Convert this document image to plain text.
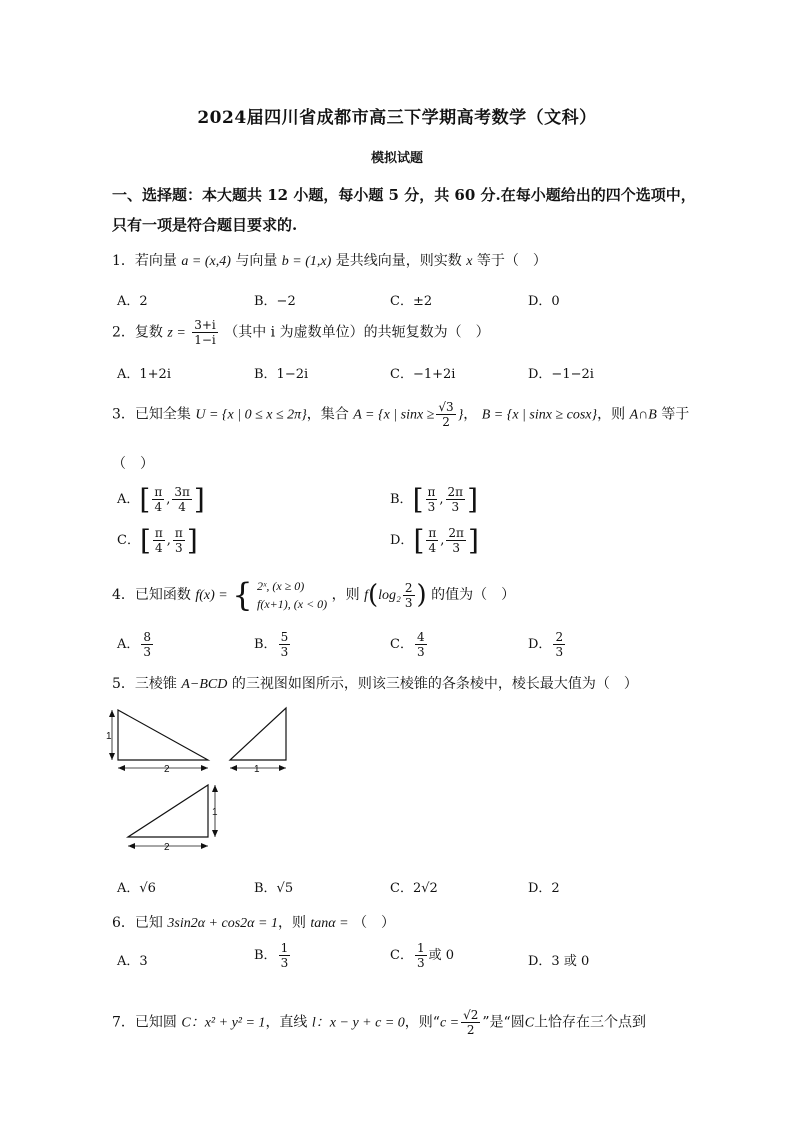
2024届四川省成都市高三下学期高考数学（文科）
模拟试题
一、选择题：本大题共 12 小题，每小题 5 分，共 60 分.在每小题给出的四个选项中，
只有一项是符合题目要求的.
1．若向量 a = (x,4) 与向量 b = (1,x) 是共线向量，则实数 x 等于（　）
A．2	B．−2	C．±2	D．0
2．复数 $z = \frac{3+i}{1-i}$ （其中 i 为虚数单位）的共轭复数为（　）
A．1+2i	B．1−2i	C．−1+2i	D．−1−2i
3．已知全集 U = {x | 0 ≤ x ≤ 2π}，集合 A = {x | $\sin x \ge \frac{√3}{2}$ }， B = {x | sinx ≥ cosx}，则 A∩B 等于
（　）
A．[ $\frac{\pi}{4}$ , $\frac{3\pi}{4}$ ]	B．[ $\frac{\pi}{3}$ , $\frac{2\pi}{3}$ ]
C．[ $\frac{\pi}{4}$ , $\frac{\pi}{3}$ ]	D．[ $\frac{\pi}{4}$ , $\frac{2\pi}{3}$ ]
4．已知函数 f(x) = { 2ˣ, (x ≥ 0)
f(x+1), (x < 0)
，则 $f(\log_2 \frac{2}{3}$ ) 的值为（　）
A． $\frac{8}{3}$	B． $\frac{5}{3}$	C． $\frac{4}{3}$	D． $\frac{2}{3}$
5．三棱锥 A−BCD 的三视图如图所示，则该三棱锥的各条棱中，棱长最大值为（　）
1
2	1
1
2
A．√6	B．√5	C．2√2	D．2
6．已知 3sin2α + cos2α = 1，则 tanα = （　）
A．3	B． $\frac{1}{3}$	C． $\frac{1}{3}$ 或 0	D．3 或 0
7．已知圆 C：x² + y² = 1，直线 l：x − y + c = 0，则“$c = \frac{√2}{2}$ ”是“圆C上恰存在三个点到
